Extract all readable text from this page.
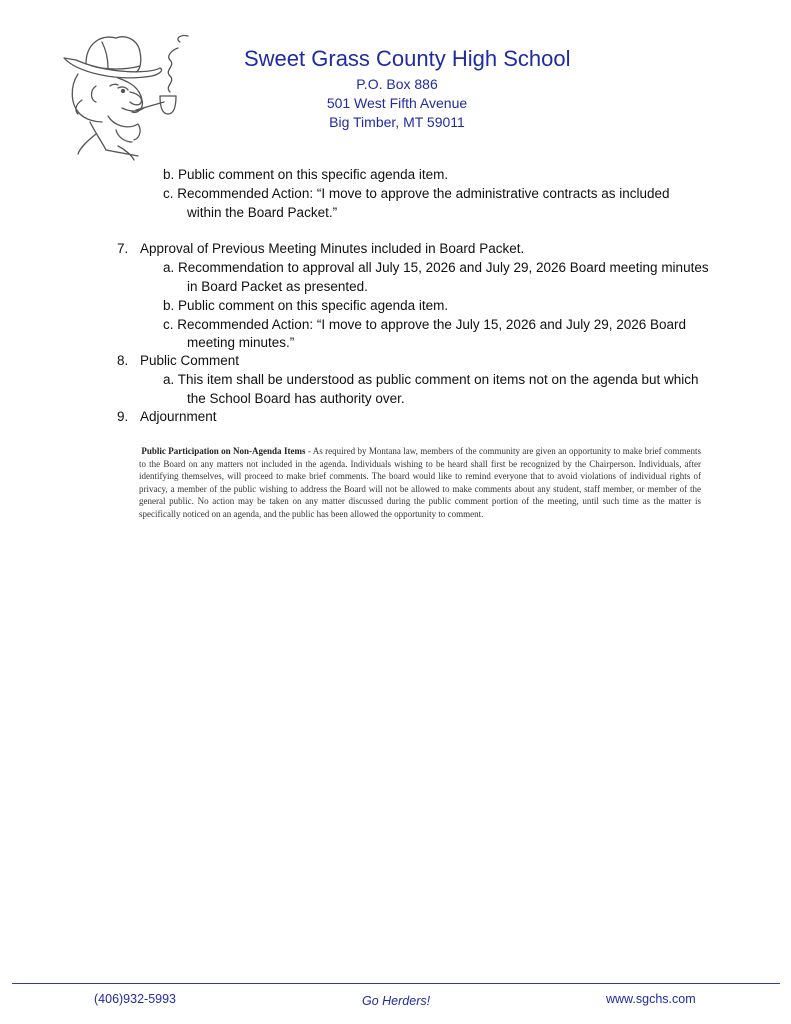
Sweet Grass County High School
P.O. Box 886
501 West Fifth Avenue
Big Timber, MT 59011
b. Public comment on this specific agenda item.
c. Recommended Action: “I move to approve the administrative contracts as included
within the Board Packet.”
7. Approval of Previous Meeting Minutes included in Board Packet.
a. Recommendation to approval all July 15, 2026 and July 29, 2026 Board meeting minutes
in Board Packet as presented.
b. Public comment on this specific agenda item.
c. Recommended Action: “I move to approve the July 15, 2026 and July 29, 2026 Board
meeting minutes.”
8. Public Comment
a. This item shall be understood as public comment on items not on the agenda but which
the School Board has authority over.
9. Adjournment
Public Participation on Non-Agenda Items - As required by Montana law, members of the community are given an opportunity to make brief comments to the Board on any matters not included in the agenda. Individuals wishing to be heard shall first be recognized by the Chairperson. Individuals, after identifying themselves, will proceed to make brief comments. The board would like to remind everyone that to avoid violations of individual rights of privacy, a member of the public wishing to address the Board will not be allowed to make comments about any student, staff member, or member of the general public. No action may be taken on any matter discussed during the public comment portion of the meeting, until such time as the matter is specifically noticed on an agenda, and the public has been allowed the opportunity to comment.
(406)932-5993	Go Herders!	www.sgchs.com
